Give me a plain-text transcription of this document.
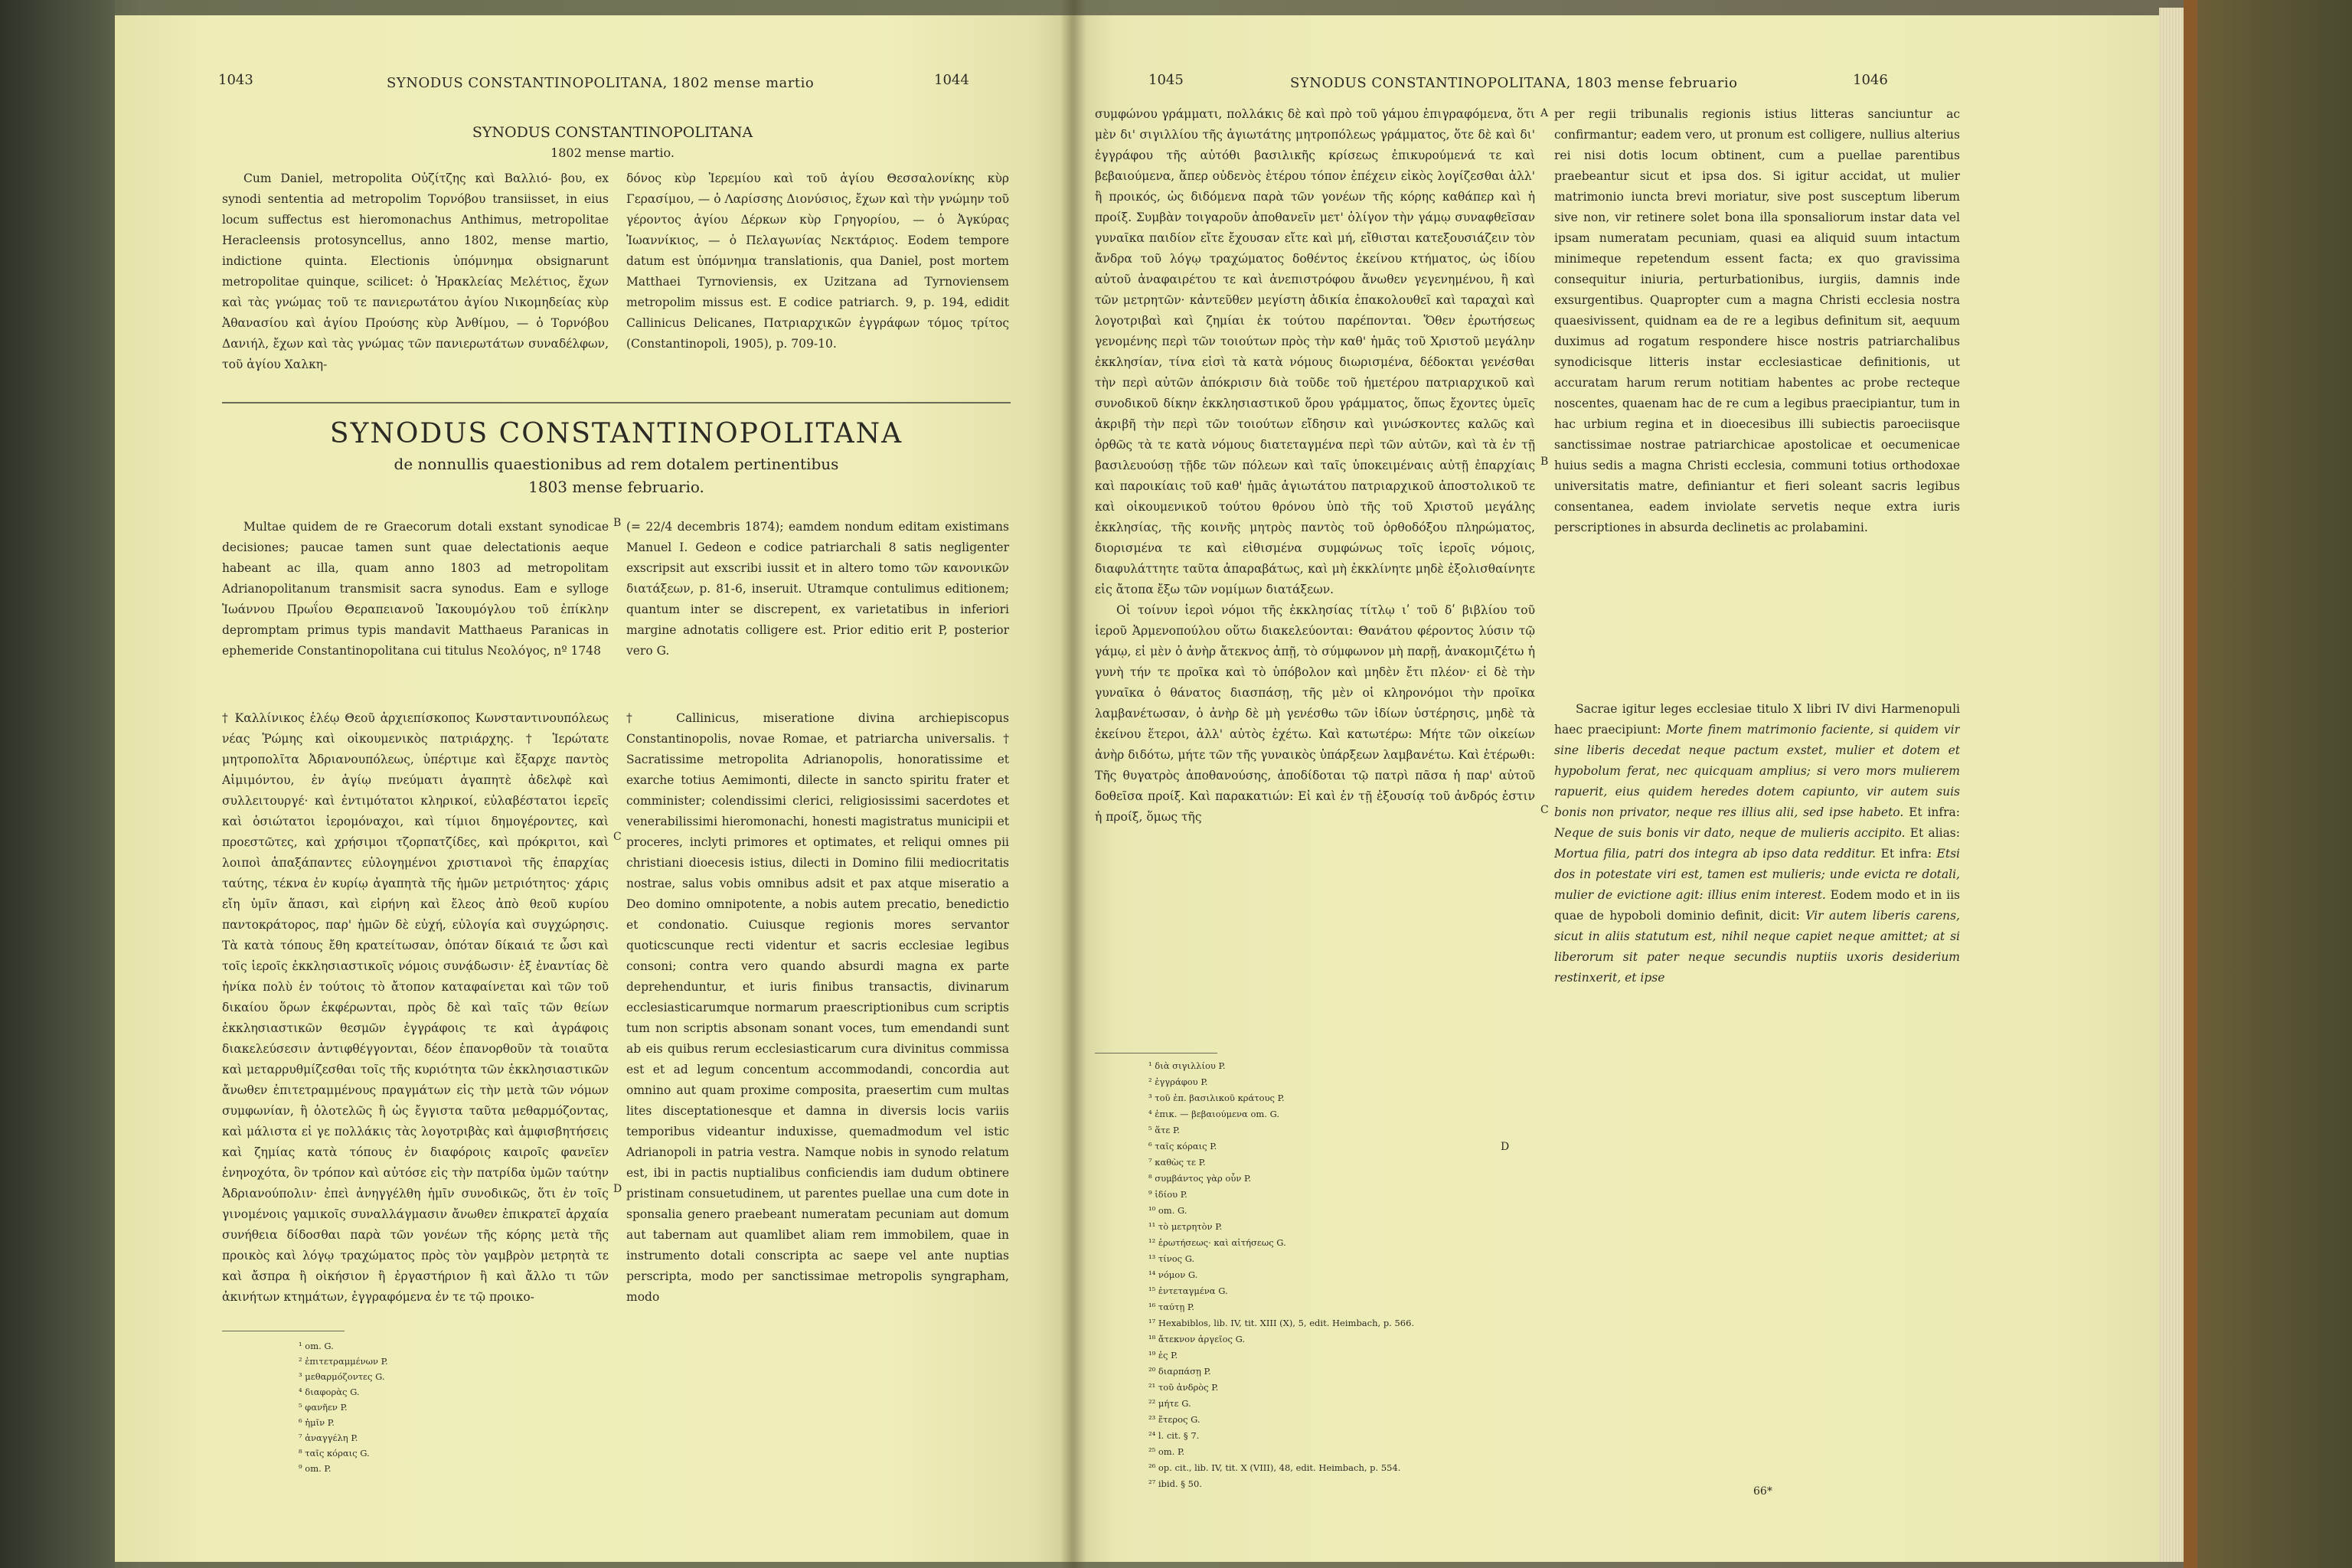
1043	SYNODUS CONSTANTINOPOLITANA, 1802 mense martio	1044
SYNODUS CONSTANTINOPOLITANA
1802 mense martio.

Cum Daniel, metropolita Οὐζίτζης καὶ Βαλλιό- βου, ex synodi sententia ad metropolim Τορνόβου transiisset, in eius locum suffectus est hieromonachus Anthimus, metropolitae Heracleensis protosyncellus, anno 1802, mense martio, indictione quinta. Electionis ὑπόμνημα obsignarunt metropolitae quinque, scilicet: ὁ Ἡρακλείας Μελέτιος, ἔχων καὶ τὰς γνώμας τοῦ τε πανιερωτάτου ἁγίου Νικομηδείας κὺρ Ἀθανασίου καὶ ἁγίου Προύσης κὺρ Ἀνθίμου, — ὁ Τορνόβου Δανιήλ, ἔχων καὶ τὰς γνώμας τῶν πανιερωτάτων συναδέλφων, τοῦ ἁγίου Χαλκη-

δόνος κὺρ Ἱερεμίου καὶ τοῦ ἁγίου Θεσσαλονίκης κὺρ Γερασίμου, — ὁ Λαρίσσης Διονύσιος, ἔχων καὶ τὴν γνώμην τοῦ γέροντος ἁγίου Δέρκων κὺρ Γρηγορίου, — ὁ Ἀγκύρας Ἰωαννίκιος, — ὁ Πελαγωνίας Νεκτάριος. Eodem tempore datum est ὑπόμνημα translationis, qua Daniel, post mortem Matthaei Tyrnoviensis, ex Uzitzana ad Tyrnoviensem metropolim missus est. E codice patriarch. 9, p. 194, edidit Callinicus Delicanes, Πατριαρχικῶν ἐγγράφων τόμος τρίτος (Constantinopoli, 1905), p. 709-10.

SYNODUS CONSTANTINOPOLITANA
de nonnullis quaestionibus ad rem dotalem pertinentibus
1803 mense februario.

Multae quidem de re Graecorum dotali exstant synodicae decisiones; paucae tamen sunt quae delectationis aeque habeant ac illa, quam anno 1803 ad metropolitam Adrianopolitanum transmisit sacra synodus. Eam e sylloge Ἰωάννου Πρωΐου Θεραπειανοῦ Ἰακουμόγλου τοῦ ἐπίκλην depromptam primus typis mandavit Matthaeus Paranicas in ephemeride Constantinopolitana cui titulus Νεολόγος, nº 1748

(= 22/4 decembris 1874); eamdem nondum editam existimans Manuel I. Gedeon e codice patriarchali 8 satis negligenter exscripsit aut exscribi iussit et in altero tomo τῶν κανονικῶν διατάξεων, p. 81-6, inseruit. Utramque contulimus editionem; quantum inter se discrepent, ex varietatibus in inferiori margine adnotatis colligere est. Prior editio erit P, posterior vero G.

† Καλλίνικος ἐλέῳ Θεοῦ ἀρχιεπίσκοπος Κωνσταντινουπόλεως νέας Ῥώμης καὶ οἰκουμενικὸς πατριάρχης. † Ἱερώτατε μητροπολῖτα Ἀδριανουπόλεως, ὑπέρτιμε καὶ ἔξαρχε παντὸς Αἱμιμόντου, ἐν ἁγίῳ πνεύματι ἀγαπητὲ ἀδελφὲ καὶ συλλειτουργέ· καὶ ἐντιμότατοι κληρικοί, εὐλαβέστατοι ἱερεῖς καὶ ὁσιώτατοι ἱερομόναχοι, καὶ τίμιοι δημογέροντες, καὶ προεστῶτες, καὶ χρήσιμοι τζορπατζίδες, καὶ πρόκριτοι, καὶ λοιποὶ ἁπαξάπαντες εὐλογημένοι χριστιανοὶ τῆς ἐπαρχίας ταύτης, τέκνα ἐν κυρίῳ ἀγαπητὰ τῆς ἡμῶν μετριότητος· χάρις εἴη ὑμῖν ἅπασι, καὶ εἰρήνη καὶ ἔλεος ἀπὸ θεοῦ κυρίου παντοκράτορος, παρ' ἡμῶν δὲ εὐχή, εὐλογία καὶ συγχώρησις. Τὰ κατὰ τόπους ἔθη κρατείτωσαν, ὁπόταν δίκαιά τε ὦσι καὶ τοῖς ἱεροῖς ἐκκλησιαστικοῖς νόμοις συνᾴδωσιν· ἐξ ἐναντίας δὲ ἡνίκα πολὺ ἐν τούτοις τὸ ἄτοπον καταφαίνεται καὶ τῶν τοῦ δικαίου ὅρων ἐκφέρωνται, πρὸς δὲ καὶ ταῖς τῶν θείων ἐκκλησιαστικῶν θεσμῶν ἐγγράφοις τε καὶ ἀγράφοις διακελεύσεσιν ἀντιφθέγγονται, δέον ἐπανορθοῦν τὰ τοιαῦτα καὶ μεταρρυθμίζεσθαι τοῖς τῆς κυριότητα τῶν ἐκκλησιαστικῶν ἄνωθεν ἐπιτετραμμένους πραγμάτων εἰς τὴν μετὰ τῶν νόμων συμφωνίαν, ἢ ὁλοτελῶς ἢ ὡς ἔγγιστα ταῦτα μεθαρμόζοντας, καὶ μάλιστα εἰ γε πολλάκις τὰς λογοτριβὰς καὶ ἀμφισβητήσεις καὶ ζημίας κατὰ τόπους ἐν διαφόροις καιροῖς φανεῖεν ἐνηνοχότα, ὃν τρόπον καὶ αὐτόσε εἰς τὴν πατρίδα ὑμῶν ταύτην Ἀδριανούπολιν· ἐπεὶ ἀνηγγέλθη ἡμῖν συνοδικῶς, ὅτι ἐν τοῖς γινομένοις γαμικοῖς συναλλάγμασιν ἄνωθεν ἐπικρατεῖ ἀρχαία συνήθεια δίδοσθαι παρὰ τῶν γονέων τῆς κόρης μετὰ τῆς προικὸς καὶ λόγῳ τραχώματος πρὸς τὸν γαμβρὸν μετρητὰ τε καὶ ἄσπρα ἢ οἰκήσιον ἢ ἐργαστήριον ἢ καὶ ἄλλο τι τῶν ἀκινήτων κτημάτων, ἐγγραφόμενα ἐν τε τῷ προικο-

† Callinicus, miseratione divina archiepiscopus Constantinopolis, novae Romae, et patriarcha universalis. † Sacratissime metropolita Adrianopolis, honoratissime et exarche totius Aemimonti, dilecte in sancto spiritu frater et comminister; colendissimi clerici, religiosissimi sacerdotes et venerabilissimi hieromonachi, honesti magistratus municipii et proceres, inclyti primores et optimates, et reliqui omnes pii christiani dioecesis istius, dilecti in Domino filii mediocritatis nostrae, salus vobis omnibus adsit et pax atque miseratio a Deo domino omnipotente, a nobis autem precatio, benedictio et condonatio. Cuiusque regionis mores servantor quoticscunque recti videntur et sacris ecclesiae legibus consoni; contra vero quando absurdi magna ex parte deprehenduntur, et iuris finibus transactis, divinarum ecclesiasticarumque normarum praescriptionibus cum scriptis tum non scriptis absonam sonant voces, tum emendandi sunt ab eis quibus rerum ecclesiasticarum cura divinitus commissa est et ad legum concentum accommodandi, concordia aut omnino aut quam proxime composita, praesertim cum multas lites disceptationesque et damna in diversis locis variis temporibus videantur induxisse, quemadmodum vel istic Adrianopoli in patria vestra. Namque nobis in synodo relatum est, ibi in pactis nuptialibus conficiendis iam dudum obtinere pristinam consuetudinem, ut parentes puellae una cum dote in sponsalia genero praebeant numeratam pecuniam aut domum aut tabernam aut quamlibet aliam rem immobilem, quae in instrumento dotali conscripta ac saepe vel ante nuptias perscripta, modo per sanctissimae metropolis syngrapham, modo

B
C
D
¹ om. G.
² ἐπιτετραμμένων P.
³ μεθαρμόζοντες G.
⁴ διαφορὰς G.
⁵ φανῆεν P.
⁶ ἡμῖν P.
⁷ ἀναγγέλη P.
⁸ ταῖς κόραις G.
⁹ om. P.
1045	SYNODUS CONSTANTINOPOLITANA, 1803 mense februario	1046

συμφώνου γράμματι, πολλάκις δὲ καὶ πρὸ τοῦ γάμου ἐπιγραφόμενα, ὅτι μὲν δι' σιγιλλίου τῆς ἁγιωτάτης μητροπόλεως γράμματος, ὅτε δὲ καὶ δι' ἐγγράφου τῆς αὐτόθι βασιλικῆς κρίσεως ἐπικυρούμενά τε καὶ βεβαιούμενα, ἅπερ οὐδενὸς ἑτέρου τόπον ἐπέχειν εἰκὸς λογίζεσθαι ἀλλ' ἢ προικός, ὡς διδόμενα παρὰ τῶν γονέων τῆς κόρης καθάπερ καὶ ἡ προίξ. Συμβὰν τοιγαροῦν ἀποθανεῖν μετ' ὀλίγον τὴν γάμῳ συναφθεῖσαν γυναῖκα παιδίον εἴτε ἔχουσαν εἴτε καὶ μή, εἴθισται κατεξουσιάζειν τὸν ἄνδρα τοῦ λόγῳ τραχώματος δοθέντος ἐκείνου κτήματος, ὡς ἰδίου αὐτοῦ ἀναφαιρέτου τε καὶ ἀνεπιστρόφου ἄνωθεν γεγενημένου, ἢ καὶ τῶν μετρητῶν· κἀντεῦθεν μεγίστη ἀδικία ἐπακολουθεῖ καὶ ταραχαὶ καὶ λογοτριβαὶ καὶ ζημίαι ἐκ τούτου παρέπονται. Ὅθεν ἐρωτήσεως γενομένης περὶ τῶν τοιούτων πρὸς τὴν καθ' ἡμᾶς τοῦ Χριστοῦ μεγάλην ἐκκλησίαν, τίνα εἰσὶ τὰ κατὰ νόμους διωρισμένα, δέδοκται γενέσθαι τὴν περὶ αὐτῶν ἀπόκρισιν διὰ τοῦδε τοῦ ἡμετέρου πατριαρχικοῦ καὶ συνοδικοῦ δίκην ἐκκλησιαστικοῦ ὅρου γράμματος, ὅπως ἔχοντες ὑμεῖς ἀκριβῆ τὴν περὶ τῶν τοιούτων εἴδησιν καὶ γινώσκοντες καλῶς καὶ ὀρθῶς τὰ τε κατὰ νόμους διατεταγμένα περὶ τῶν αὐτῶν, καὶ τὰ ἐν τῇ βασιλευούσῃ τῇδε τῶν πόλεων καὶ ταῖς ὑποκειμέναις αὐτῇ ἐπαρχίαις καὶ παροικίαις τοῦ καθ' ἡμᾶς ἁγιωτάτου πατριαρχικοῦ ἀποστολικοῦ τε καὶ οἰκουμενικοῦ τούτου θρόνου ὑπὸ τῆς τοῦ Χριστοῦ μεγάλης ἐκκλησίας, τῆς κοινῆς μητρὸς παντὸς τοῦ ὀρθοδόξου πληρώματος, διορισμένα τε καὶ εἰθισμένα συμφώνως τοῖς ἱεροῖς νόμοις, διαφυλάττητε ταῦτα ἀπαραβάτως, καὶ μὴ ἐκκλίνητε μηδὲ ἐξολισθαίνητε εἰς ἄτοπα ἔξω τῶν νομίμων διατάξεων.

Οἱ τοίνυν ἱεροὶ νόμοι τῆς ἐκκλησίας τίτλῳ ιʹ τοῦ δʹ βιβλίου τοῦ ἱεροῦ Ἁρμενοπούλου οὕτω διακελεύονται: Θανάτου φέροντος λύσιν τῷ γάμῳ, εἰ μὲν ὁ ἀνὴρ ἄτεκνος ἀπῇ, τὸ σύμφωνον μὴ παρῇ, ἀνακομιζέτω ἡ γυνὴ τήν τε προῖκα καὶ τὸ ὑπόβολον καὶ μηδὲν ἔτι πλέον· εἰ δὲ τὴν γυναῖκα ὁ θάνατος διασπάσῃ, τῆς μὲν οἱ κληρονόμοι τὴν προῖκα λαμβανέτωσαν, ὁ ἀνὴρ δὲ μὴ γενέσθω τῶν ἰδίων ὑστέρησις, μηδὲ τὰ ἐκείνου ἕτεροι, ἀλλ' αὐτὸς ἐχέτω. Καὶ κατωτέρω: Μήτε τῶν οἰκείων ἀνὴρ διδότω, μήτε τῶν τῆς γυναικὸς ὑπάρξεων λαμβανέτω. Καὶ ἑτέρωθι: Τῆς θυγατρὸς ἀποθανούσης, ἀποδίδοται τῷ πατρὶ πᾶσα ἡ παρ' αὐτοῦ δοθεῖσα προίξ. Καὶ παρακατιών: Εἰ καὶ ἐν τῇ ἐξουσίᾳ τοῦ ἀνδρός ἐστιν ἡ προίξ, ὅμως τῆς

per regii tribunalis regionis istius litteras sanciuntur ac confirmantur; eadem vero, ut pronum est colligere, nullius alterius rei nisi dotis locum obtinent, cum a puellae parentibus praebeantur sicut et ipsa dos. Si igitur accidat, ut mulier matrimonio iuncta brevi moriatur, sive post susceptum liberum sive non, vir retinere solet bona illa sponsaliorum instar data vel ipsam numeratam pecuniam, quasi ea aliquid suum intactum minimeque repetendum essent facta; ex quo gravissima consequitur iniuria, perturbationibus, iurgiis, damnis inde exsurgentibus. Quapropter cum a magna Christi ecclesia nostra quaesivissent, quidnam ea de re a legibus definitum sit, aequum duximus ad rogatum respondere hisce nostris patriarchalibus synodicisque litteris instar ecclesiasticae definitionis, ut accuratam harum rerum notitiam habentes ac probe recteque noscentes, quaenam hac de re cum a legibus praecipiantur, tum in hac urbium regina et in dioecesibus illi subiectis paroeciisque sanctissimae nostrae patriarchicae apostolicae et oecumenicae huius sedis a magna Christi ecclesia, communi totius orthodoxae universitatis matre, definiantur et fieri soleant sacris legibus consentanea, eadem inviolate servetis neque extra iuris perscriptiones in absurda declinetis ac prolabamini.

Sacrae igitur leges ecclesiae titulo X libri IV divi Harmenopuli haec praecipiunt: Morte finem matrimonio faciente, si quidem vir sine liberis decedat neque pactum exstet, mulier et dotem et hypobolum ferat, nec quicquam amplius; si vero mors mulierem rapuerit, eius quidem heredes dotem capiunto, vir autem suis bonis non privator, neque res illius alii, sed ipse habeto. Et infra: Neque de suis bonis vir dato, neque de mulieris accipito. Et alias: Mortua filia, patri dos integra ab ipso data redditur. Et infra: Etsi dos in potestate viri est, tamen est mulieris; unde evicta re dotali, mulier de evictione agit: illius enim interest. Eodem modo et in iis quae de hypoboli dominio definit, dicit: Vir autem liberis carens, sicut in aliis statutum est, nihil neque capiet neque amittet; at si liberorum sit pater neque secundis nuptiis uxoris desiderium restinxerit, et ipse

A
B
C
D
¹ διὰ σιγιλλίου P.
² ἐγγράφου P.
³ τοῦ ἐπ. βασιλικοῦ κράτους P.
⁴ ἐπικ. — βεβαιούμενα om. G.
⁵ ἅτε P.
⁶ ταῖς κόραις P.
⁷ καθὼς τε P.
⁸ συμβάντος γὰρ οὖν P.
⁹ ἰδίου P.
¹⁰ om. G.
¹¹ τὸ μετρητὸν P.
¹² ἐρωτήσεως· καὶ αἰτήσεως G.
¹³ τίνος G.
¹⁴ νόμον G.
¹⁵ ἐντεταγμένα G.
¹⁶ ταύτῃ P.
¹⁷ Hexabiblos, lib. IV, tit. XIII (X), 5, edit. Heimbach, p. 566.
¹⁸ ἄτεκνον ἀργεῖος G.
¹⁹ ἐς P.
²⁰ διαρπάσῃ P.
²¹ τοῦ ἀνδρὸς P.
²² μήτε G.
²³ ἕτερος G.
²⁴ l. cit. § 7.
²⁵ om. P.
²⁶ op. cit., lib. IV, tit. X (VIII), 48, edit. Heimbach, p. 554.
²⁷ ibid. § 50.
66*
